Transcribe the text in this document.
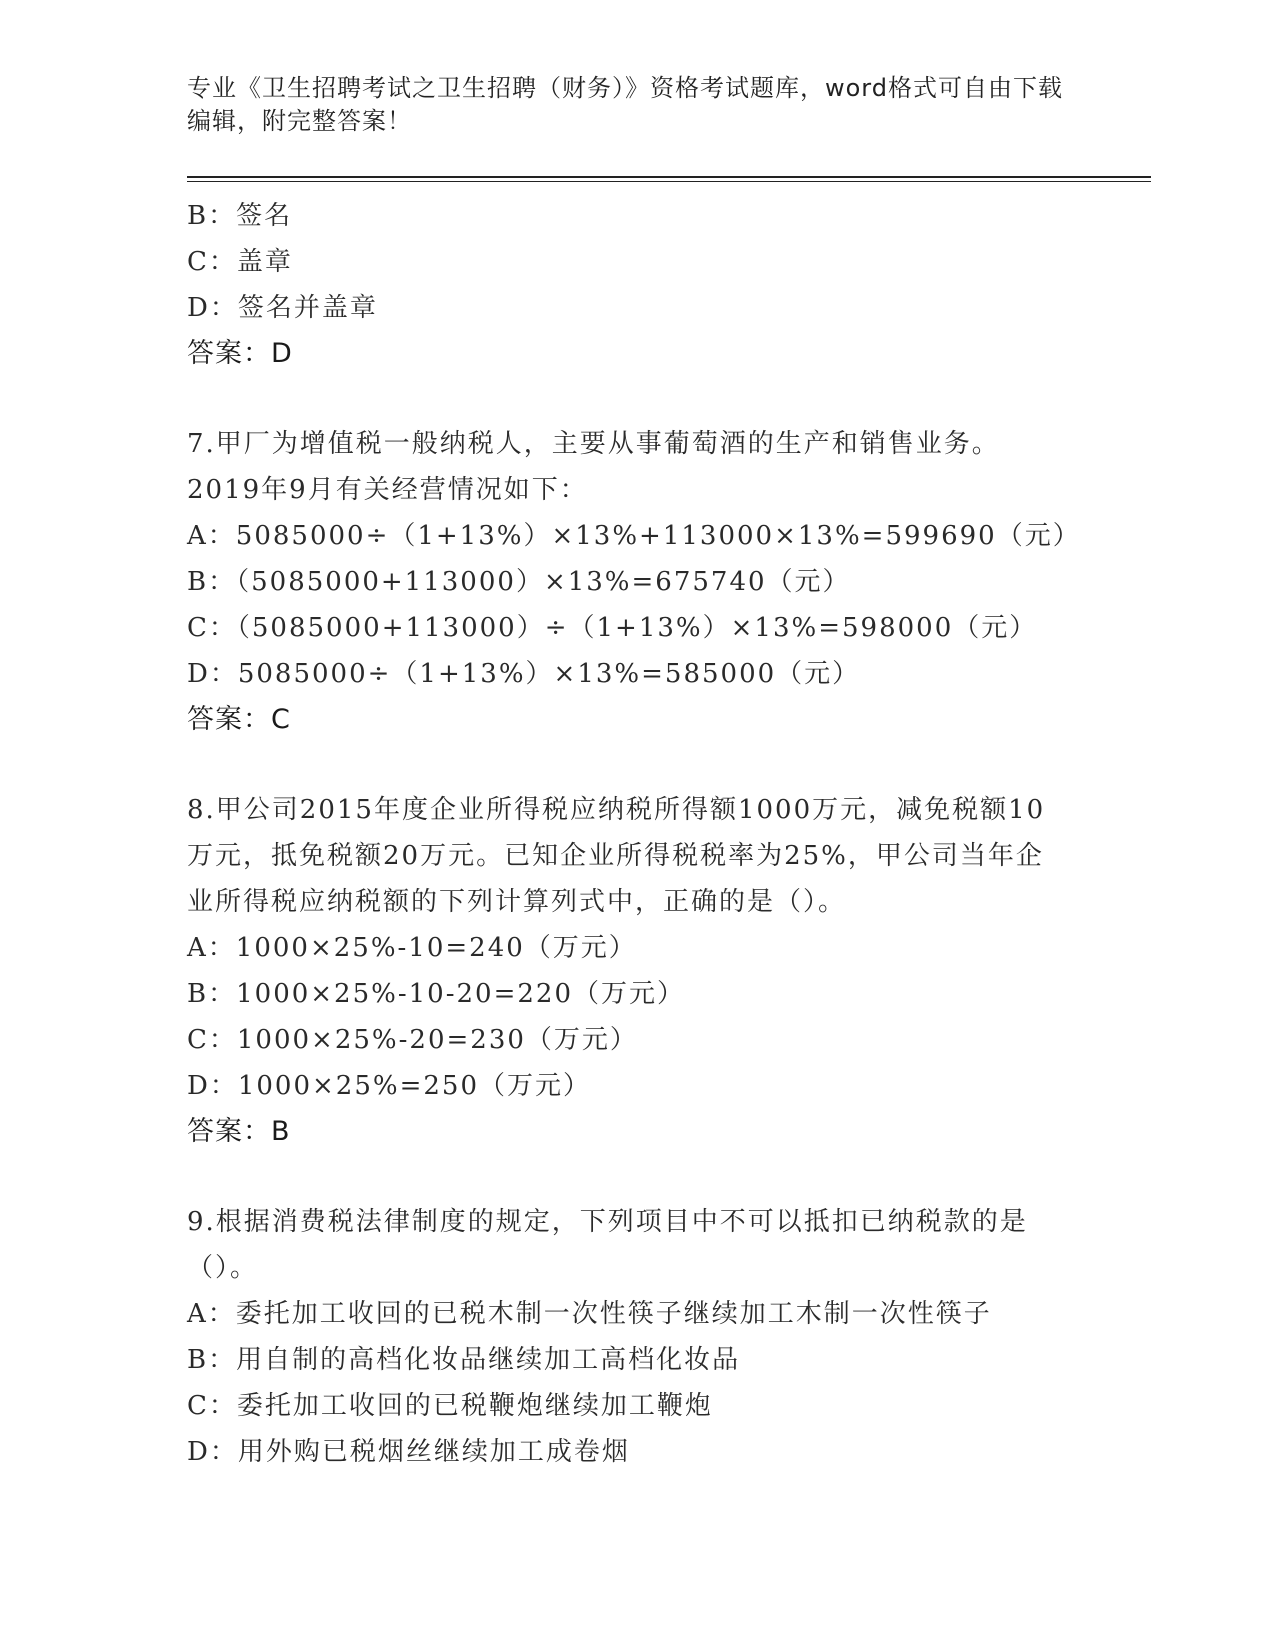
专业《卫生招聘考试之卫生招聘（财务）》资格考试题库，word格式可自由下载
编辑，附完整答案！
B：签名
C：盖章
D：签名并盖章
答案：D
7.甲厂为增值税一般纳税人，主要从事葡萄酒的生产和销售业务。
2019年9月有关经营情况如下：
A：5085000÷（1+13%）×13%+113000×13%=599690（元）
B：（5085000+113000）×13%=675740（元）
C：（5085000+113000）÷（1+13%）×13%=598000（元）
D：5085000÷（1+13%）×13%=585000（元）
答案：C
8.甲公司2015年度企业所得税应纳税所得额1000万元，减免税额10
万元，抵免税额20万元。已知企业所得税税率为25%，甲公司当年企
业所得税应纳税额的下列计算列式中，正确的是（）。
A：1000×25%-10=240（万元）
B：1000×25%-10-20=220（万元）
C：1000×25%-20=230（万元）
D：1000×25%=250（万元）
答案：B
9.根据消费税法律制度的规定，下列项目中不可以抵扣已纳税款的是
（）。
A：委托加工收回的已税木制一次性筷子继续加工木制一次性筷子
B：用自制的高档化妆品继续加工高档化妆品
C：委托加工收回的已税鞭炮继续加工鞭炮
D：用外购已税烟丝继续加工成卷烟
